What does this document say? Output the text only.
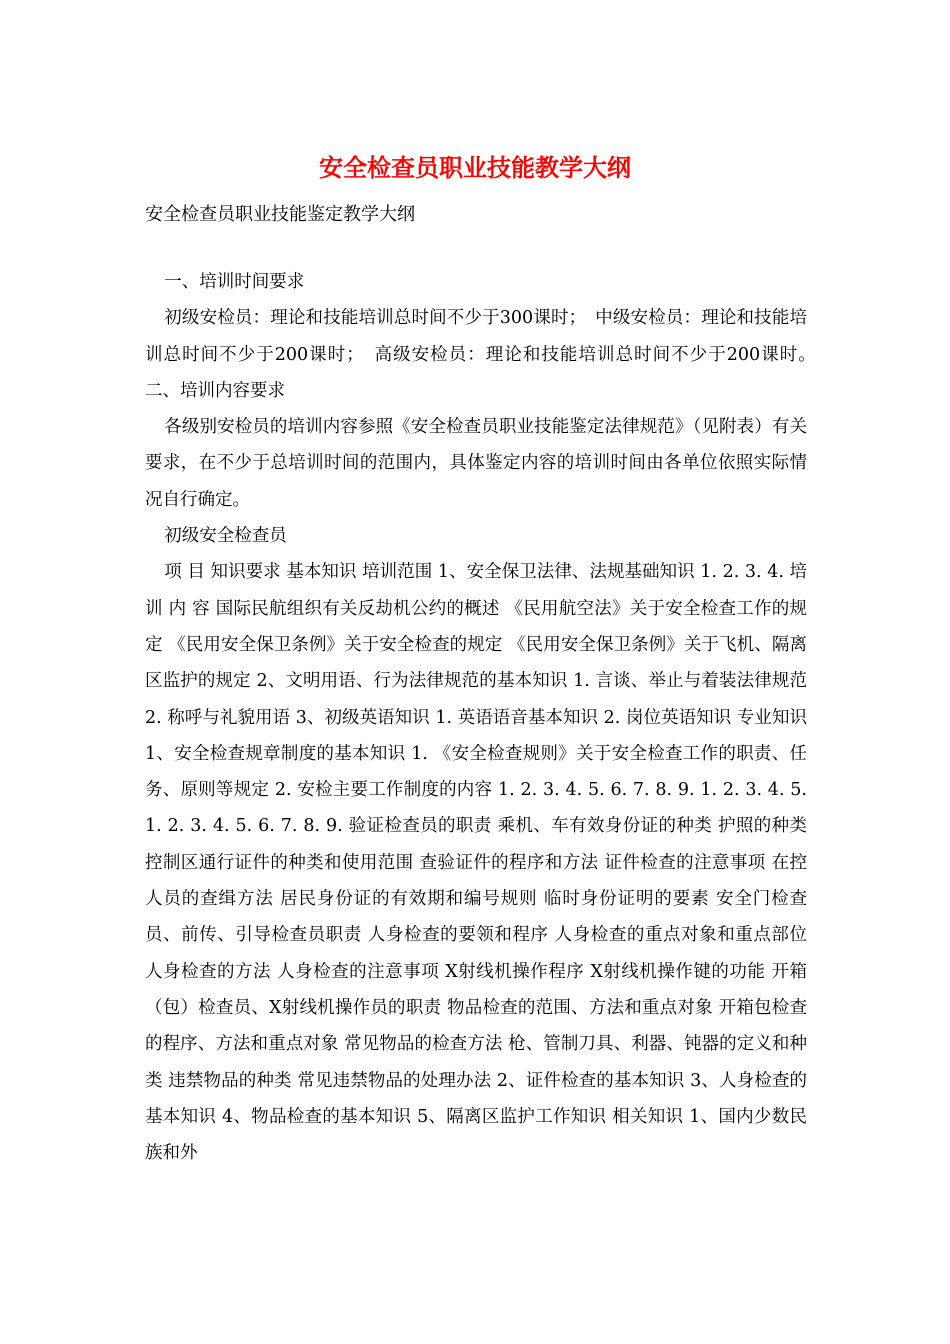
安全检查员职业技能教学大纲
安全检查员职业技能鉴定教学大纲

一、培训时间要求

初级安检员：理论和技能培训总时间不少于300课时；　中级安检员：理论和技能培训总时间不少于200课时；　高级安检员：理论和技能培训总时间不少于200课时。　二、培训内容要求

各级别安检员的培训内容参照《安全检查员职业技能鉴定法律规范》（见附表）有关要求，在不少于总培训时间的范围内，具体鉴定内容的培训时间由各单位依照实际情况自行确定。

初级安全检查员

项 目 知识要求 基本知识 培训范围 1、安全保卫法律、法规基础知识 1. 2. 3. 4. 培 训 内 容 国际民航组织有关反劫机公约的概述 《民用航空法》关于安全检查工作的规定 《民用安全保卫条例》关于安全检查的规定 《民用安全保卫条例》关于飞机、隔离区监护的规定 2、文明用语、行为法律规范的基本知识 1. 言谈、举止与着装法律规范 2. 称呼与礼貌用语 3、初级英语知识 1. 英语语音基本知识 2. 岗位英语知识 专业知识 1、安全检查规章制度的基本知识 1. 《安全检查规则》关于安全检查工作的职责、任务、原则等规定 2. 安检主要工作制度的内容 1. 2. 3. 4. 5. 6. 7. 8. 9. 1. 2. 3. 4. 5. 1. 2. 3. 4. 5. 6. 7. 8. 9. 验证检查员的职责 乘机、车有效身份证的种类 护照的种类 控制区通行证件的种类和使用范围 查验证件的程序和方法 证件检查的注意事项 在控人员的查缉方法 居民身份证的有效期和编号规则 临时身份证明的要素 安全门检查员、前传、引导检查员职责 人身检查的要领和程序 人身检查的重点对象和重点部位 人身检查的方法 人身检查的注意事项 X射线机操作程序 X射线机操作键的功能 开箱（包）检查员、X射线机操作员的职责 物品检查的范围、方法和重点对象 开箱包检查的程序、方法和重点对象 常见物品的检查方法 枪、管制刀具、利器、钝器的定义和种类 违禁物品的种类 常见违禁物品的处理办法 2、证件检查的基本知识 3、人身检查的基本知识 4、物品检查的基本知识 5、隔离区监护工作知识 相关知识 1、国内少数民族和外
